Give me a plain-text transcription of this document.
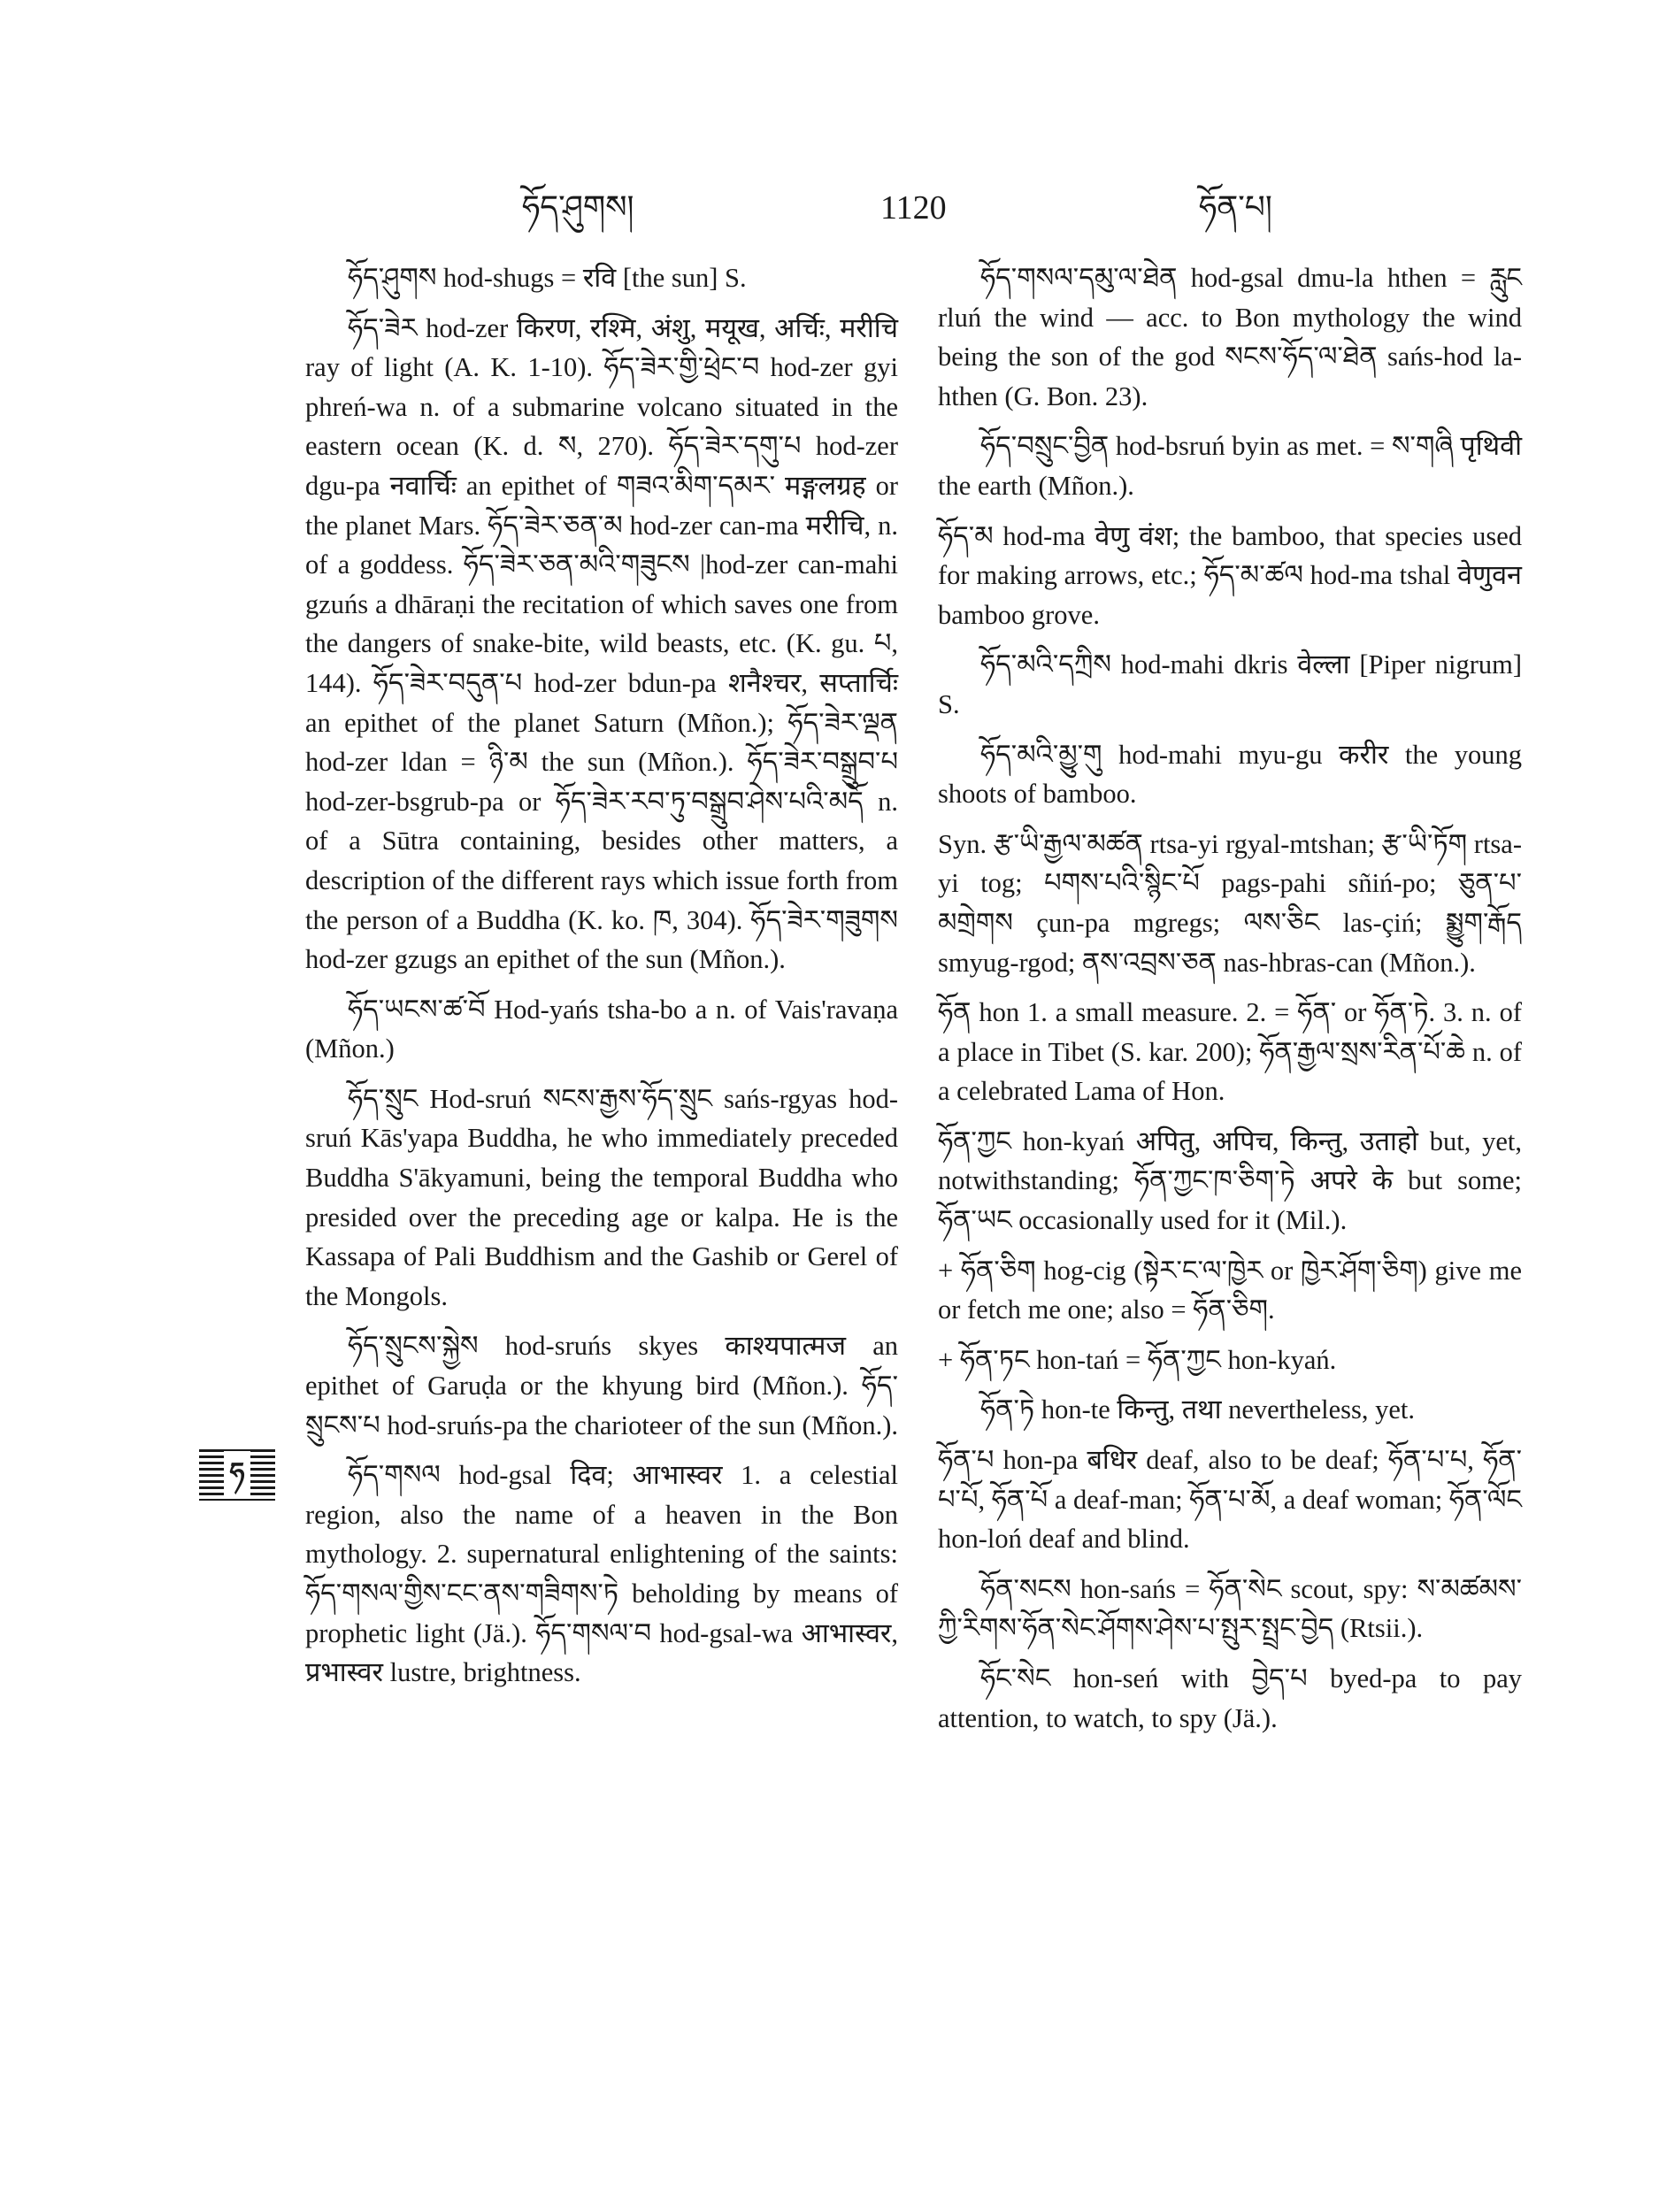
ཧོད་ཤུགས།	1120	ཧོན་པ།

ཧོད་ཤུགས hod-shugs = रवि [the sun] S.

ཧོད་ཟེར hod-zer किरण, रश्मि, अंशु, मयूख, अर्चिः, मरीचि ray of light (A. K. 1-10). ཧོད་ཟེར་གྱི་ཕྲེང་བ hod-zer gyi phreń-wa n. of a submarine volcano situated in the eastern ocean (K. d. ས, 270). ཧོད་ཟེར་དགུ་པ hod-zer dgu-pa नवार्चिः an epithet of གཟའ་མིག་དམར་ मङ्गलग्रह or the planet Mars. ཧོད་ཟེར་ཅན་མ hod-zer can-ma मरीचि, n. of a goddess. ཧོད་ཟེར་ཅན་མའི་གཟུངས |hod-zer can-mahi gzuńs a dhāraṇi the recitation of which saves one from the dangers of snake-bite, wild beasts, etc. (K. gu. པ, 144). ཧོད་ཟེར་བདུན་པ hod-zer bdun-pa शनैश्चर, सप्तार्चिः an epithet of the planet Saturn (Mñon.); ཧོད་ཟེར་ལྡན hod-zer ldan = ཉི་མ the sun (Mñon.). ཧོད་ཟེར་བསྒྲུབ་པ hod-zer-bsgrub-pa or ཧོད་ཟེར་རབ་ཏུ་བསྒྲུབ་ཤེས་པའི་མདོ n. of a Sūtra containing, besides other matters, a description of the different rays which issue forth from the person of a Buddha (K. ko. ཁ, 304). ཧོད་ཟེར་གཟུགས hod-zer gzugs an epithet of the sun (Mñon.).

ཧོད་ཡངས་ཚ་བོ Hod-yańs tsha-bo a n. of Vais'ravaṇa (Mñon.)

ཧོད་སྲུང Hod-sruń སངས་རྒྱས་ཧོད་སྲུང sańs-rgyas hod-sruń Kās'yapa Buddha, he who immediately preceded Buddha S'ākyamuni, being the temporal Buddha who presided over the preceding age or kalpa. He is the Kassapa of Pali Buddhism and the Gashib or Gerel of the Mongols.

ཧོད་སྲུངས་སྐྱེས hod-sruńs skyes काश्यपात्मज an epithet of Garuḍa or the khyung bird (Mñon.). ཧོད་སྲུངས་པ hod-sruńs-pa the charioteer of the sun (Mñon.).

ཧོད་གསལ hod-gsal दिव; आभास्वर 1. a celestial region, also the name of a heaven in the Bon mythology. 2. supernatural enlightening of the saints: ཧོད་གསལ་གྱིས་ངང་ནས་གཟིགས་ཏེ beholding by means of prophetic light (Jä.). ཧོད་གསལ་བ hod-gsal-wa आभास्वर, प्रभास्वर lustre, brightness.

ཧོད་གསལ་དམུ་ལ་ཐེན hod-gsal dmu-la hthen = རླུང rluń the wind — acc. to Bon mythology the wind being the son of the god སངས་ཧོད་ལ་ཐེན sańs-hod la-hthen (G. Bon. 23).

ཧོད་བསྲུང་བྱིན hod-bsruń byin as met. = ས་གཞི पृथिवी the earth (Mñon.).

ཧོད་མ hod-ma वेणु वंश; the bamboo, that species used for making arrows, etc.; ཧོད་མ་ཚལ hod-ma tshal वेणुवन bamboo grove.

ཧོད་མའི་དཀྲིས hod-mahi dkris वेल्ला [Piper nigrum] S.

ཧོད་མའི་མྱུ་གུ hod-mahi myu-gu करीर the young shoots of bamboo.

Syn. རྩ་ཡི་རྒྱལ་མཚན rtsa-yi rgyal-mtshan; རྩ་ཡི་ཏོག rtsa-yi tog; པགས་པའི་སྙིང་པོ pags-pahi sñiń-po; ཅུན་པ་མགྲེགས çun-pa mgregs; ལས་ཅིང las-çiń; སྨྱུག་རྒོད smyug-rgod; ནས་འབྲས་ཅན nas-hbras-can (Mñon.).

ཧོན hon 1. a small measure. 2. = ཧོན་ or ཧོན་ཏེ. 3. n. of a place in Tibet (S. kar. 200); ཧོན་རྒྱལ་སྲས་རིན་པོ་ཆེ n. of a celebrated Lama of Hon.

ཧོན་ཀྱང hon-kyań अपितु, अपिच, किन्तु, उताहो but, yet, notwithstanding; ཧོན་ཀྱང་ཁ་ཅིག་ཏེ अपरे के but some; ཧོན་ཡང occasionally used for it (Mil.).

+ ཧོན་ཅིག hog-cig (སྟེར་ང་ལ་ཁྱེར or ཁྱེར་ཤོག་ཅིག) give me or fetch me one; also = ཧོན་ཅིག.

+ ཧོན་ཏང hon-tań = ཧོན་ཀྱང hon-kyań.

ཧོན་ཏེ hon-te किन्तु, तथा nevertheless, yet.

ཧོན་པ hon-pa बधिर deaf, also to be deaf; ཧོན་པ་པ, ཧོན་པ་པོ, ཧོན་པོ a deaf-man; ཧོན་པ་མོ, a deaf woman; ཧོན་ལོང hon-loń deaf and blind.

ཧོན་སངས hon-sańs = ཧོན་སེང scout, spy: ས་མཚམས་ཀྱི་རིགས་ཧོན་སེང་ཤོགས་ཤེས་པ་སྤུར་སྤྲང་བྱེད (Rtsii.).

ཧོང་སེང hon-seń with བྱེད་པ byed-pa to pay attention, to watch, to spy (Jä.).

ཧ
